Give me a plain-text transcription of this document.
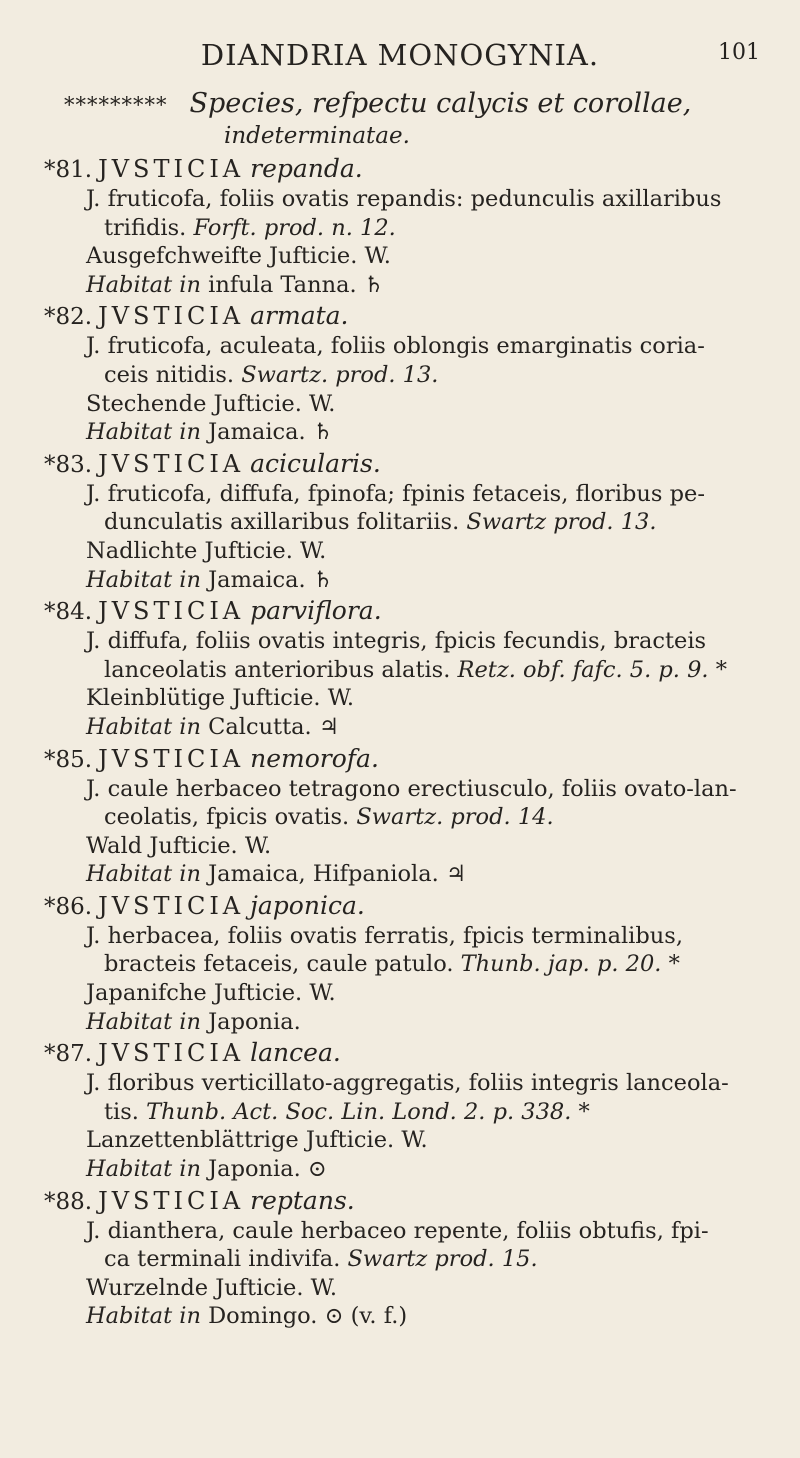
DIANDRIA MONOGYNIA.	101
********* Species, refpectu calycis et corollae,
indeterminatae.
*81. JVSTICIA repanda.
J. fruticofa, foliis ovatis repandis: pedunculis axillaribus
trifidis. Forft. prod. n. 12.
Ausgefchweifte Jufticie. W.
Habitat in infula Tanna. ♄
*82. JVSTICIA armata.
J. fruticofa, aculeata, foliis oblongis emarginatis coria-
ceis nitidis. Swartz. prod. 13.
Stechende Jufticie. W.
Habitat in Jamaica. ♄
*83. JVSTICIA acicularis.
J. fruticofa, diffufa, fpinofa; fpinis fetaceis, floribus pe-
dunculatis axillaribus folitariis. Swartz prod. 13.
Nadlichte Jufticie. W.
Habitat in Jamaica. ♄
*84. JVSTICIA parviflora.
J. diffufa, foliis ovatis integris, fpicis fecundis, bracteis
lanceolatis anterioribus alatis. Retz. obf. fafc. 5. p. 9. *
Kleinblütige Jufticie. W.
Habitat in Calcutta. ♃
*85. JVSTICIA nemorofa.
J. caule herbaceo tetragono erectiusculo, foliis ovato-lan-
ceolatis, fpicis ovatis. Swartz. prod. 14.
Wald Jufticie. W.
Habitat in Jamaica, Hifpaniola. ♃
*86. JVSTICIA japonica.
J. herbacea, foliis ovatis ferratis, fpicis terminalibus,
bracteis fetaceis, caule patulo. Thunb. jap. p. 20. *
Japanifche Jufticie. W.
Habitat in Japonia.
*87. JVSTICIA lancea.
J. floribus verticillato-aggregatis, foliis integris lanceola-
tis. Thunb. Act. Soc. Lin. Lond. 2. p. 338. *
Lanzettenblättrige Jufticie. W.
Habitat in Japonia. ⊙
*88. JVSTICIA reptans.
J. dianthera, caule herbaceo repente, foliis obtufis, fpi-
ca terminali indivifa. Swartz prod. 15.
Wurzelnde Jufticie. W.
Habitat in Domingo. ⊙ (v. f.)
